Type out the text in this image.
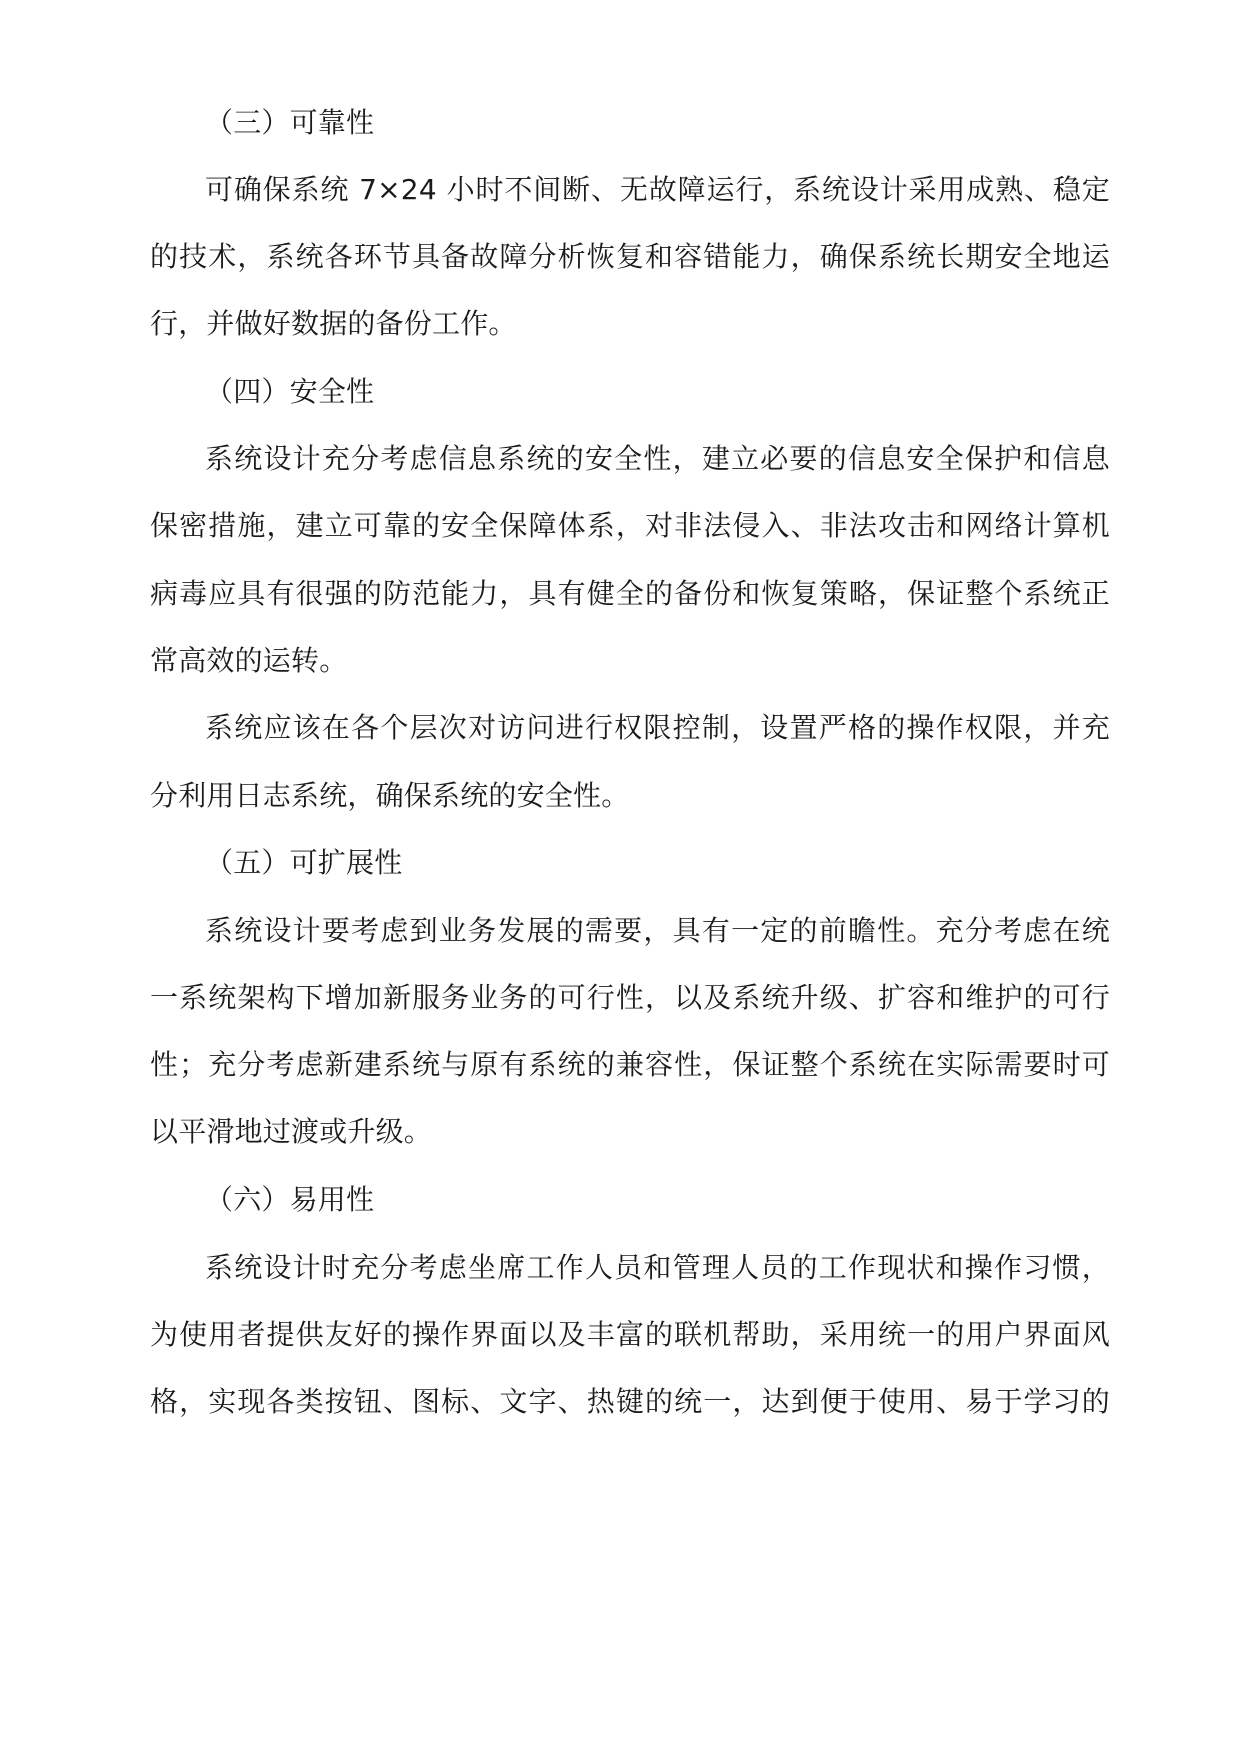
（三）可靠性
可确保系统 7×24 小时不间断、无故障运行，系统设计采用成熟、稳定
的技术，系统各环节具备故障分析恢复和容错能力，确保系统长期安全地运
行，并做好数据的备份工作。
（四）安全性
系统设计充分考虑信息系统的安全性，建立必要的信息安全保护和信息
保密措施，建立可靠的安全保障体系，对非法侵入、非法攻击和网络计算机
病毒应具有很强的防范能力，具有健全的备份和恢复策略，保证整个系统正
常高效的运转。
系统应该在各个层次对访问进行权限控制，设置严格的操作权限，并充
分利用日志系统，确保系统的安全性。
（五）可扩展性
系统设计要考虑到业务发展的需要，具有一定的前瞻性。充分考虑在统
一系统架构下增加新服务业务的可行性，以及系统升级、扩容和维护的可行
性；充分考虑新建系统与原有系统的兼容性，保证整个系统在实际需要时可
以平滑地过渡或升级。
（六）易用性
系统设计时充分考虑坐席工作人员和管理人员的工作现状和操作习惯，
为使用者提供友好的操作界面以及丰富的联机帮助，采用统一的用户界面风
格，实现各类按钮、图标、文字、热键的统一，达到便于使用、易于学习的
